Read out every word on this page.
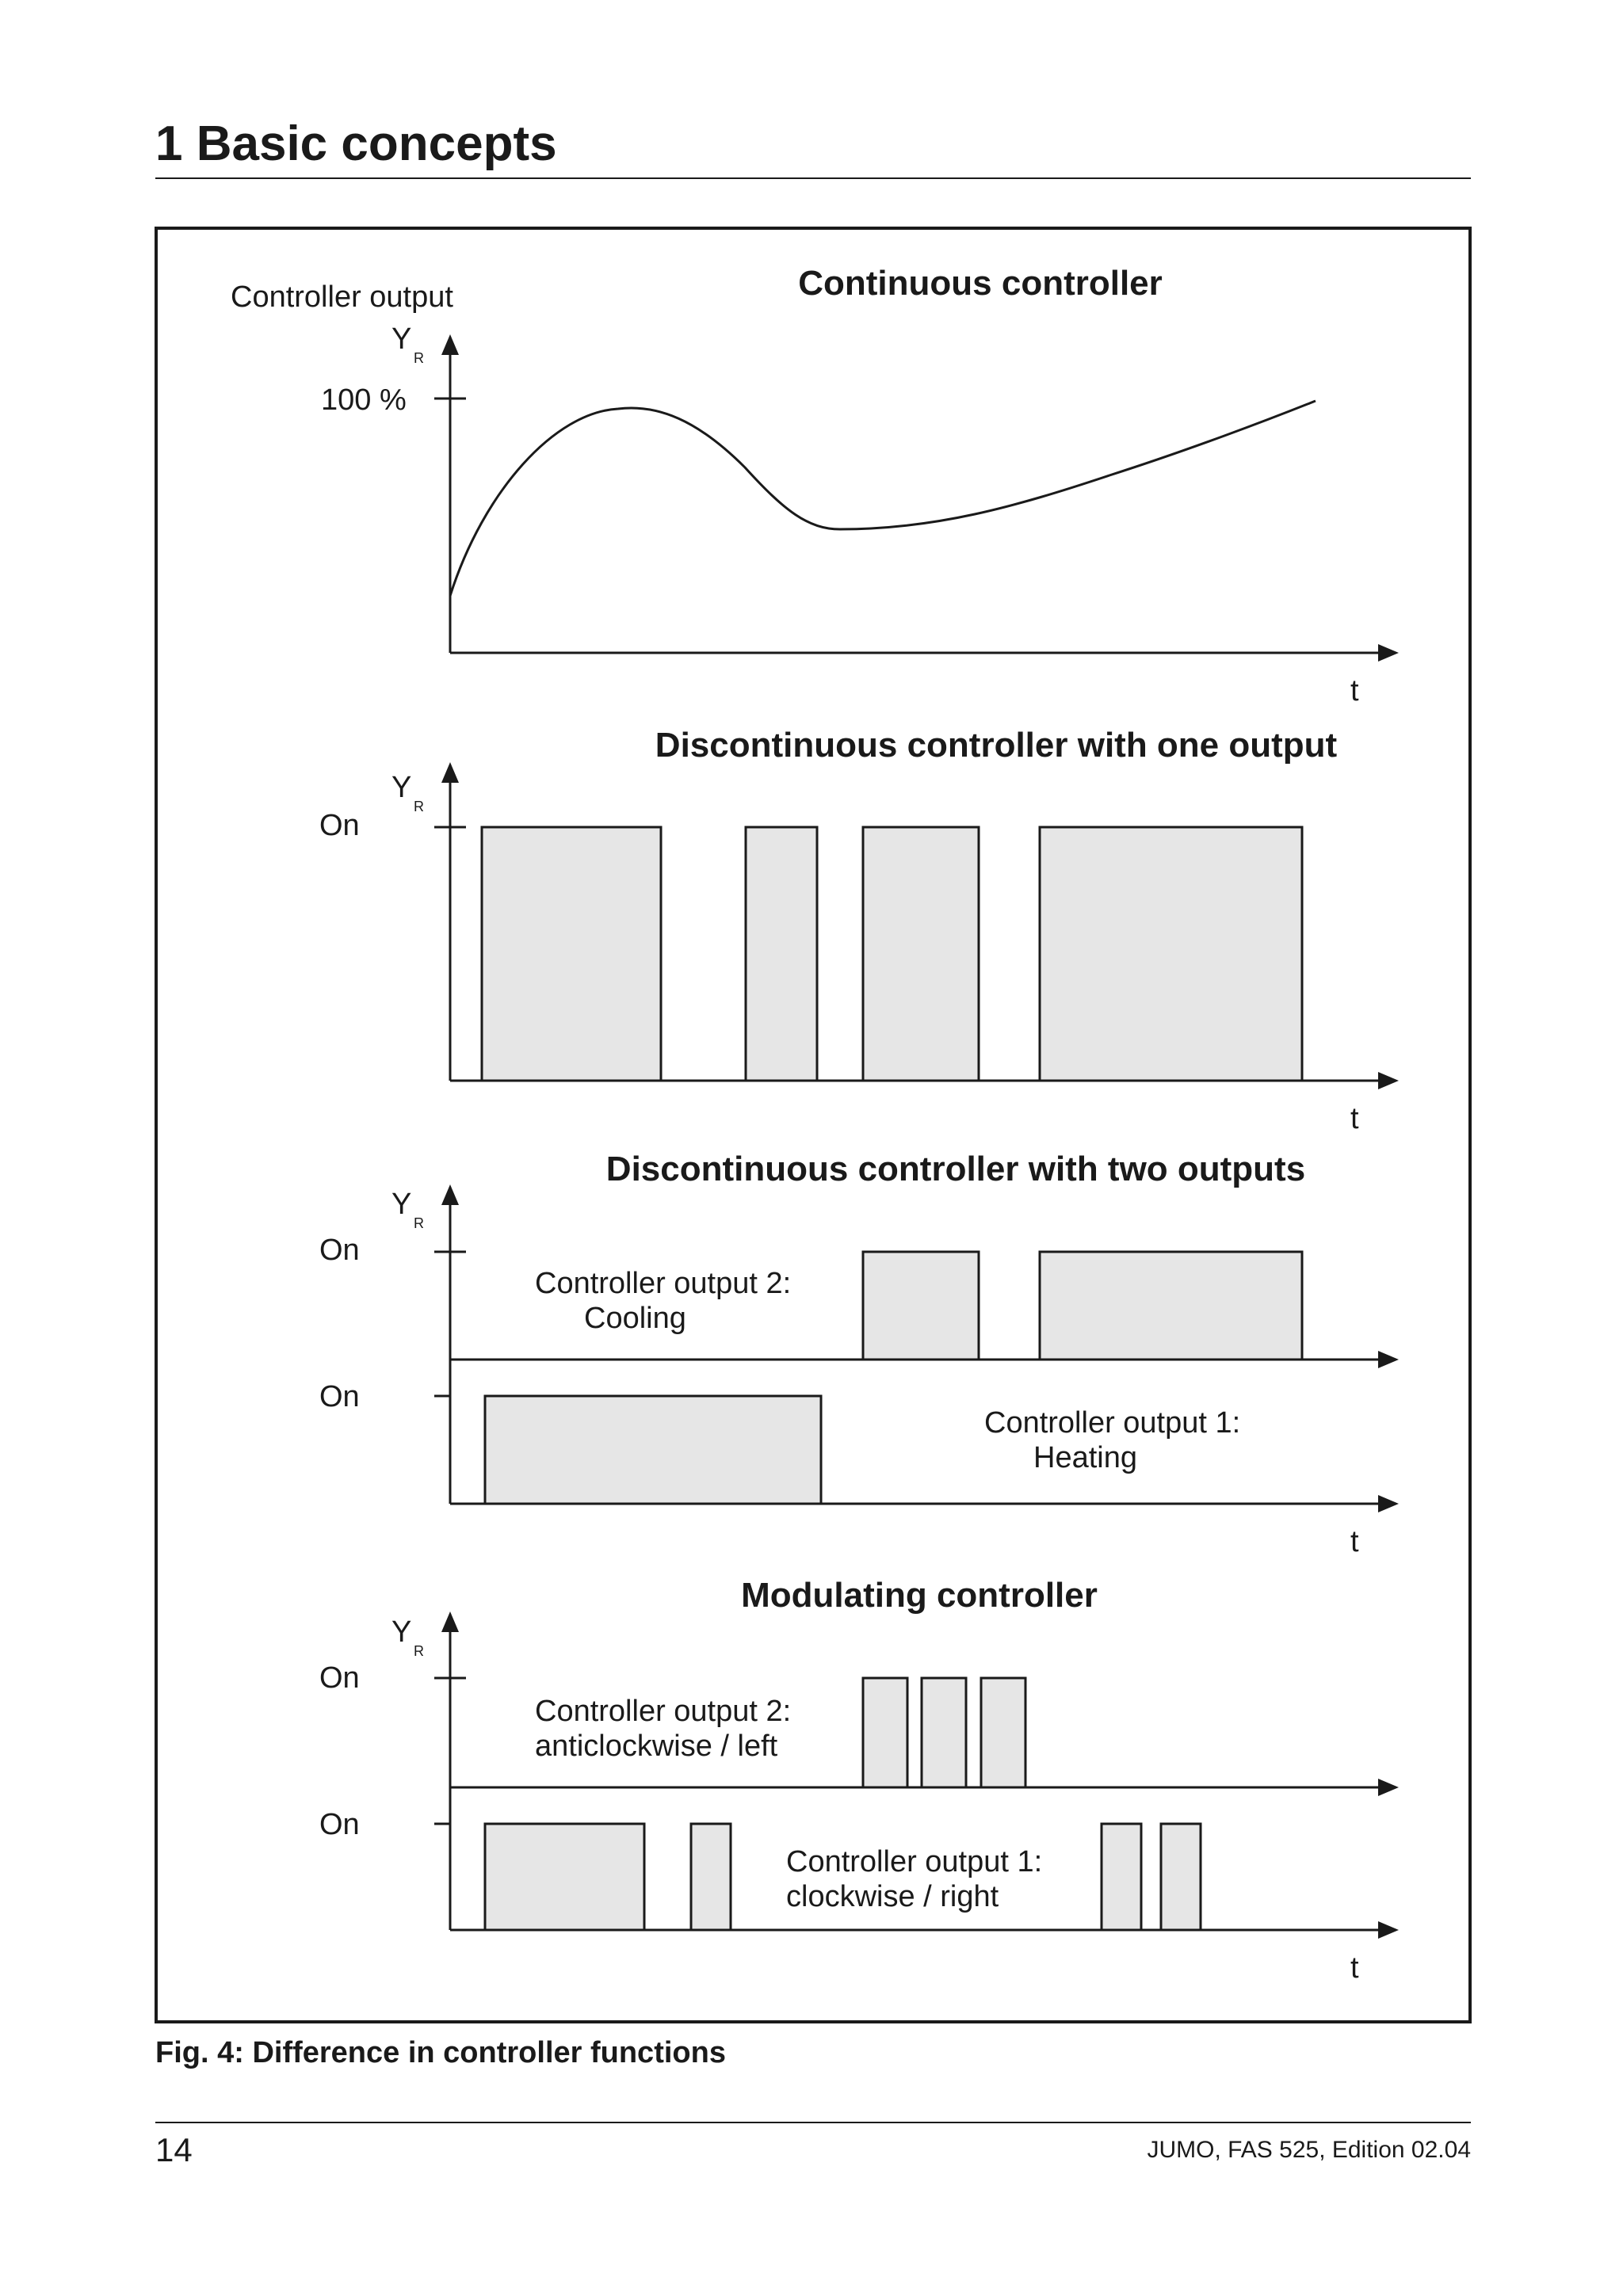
1 Basic concepts
Continuous controller
Controller output
Y
R
100 %
t
Discontinuous controller with one output
Y
R
On
t
Discontinuous controller with two outputs
Y
R
On
On
t
Controller output 2:
Cooling
Controller output 1:
Heating
Modulating controller
Y
R
On
On
t
Controller output 2:
anticlockwise / left
Controller output 1:
clockwise / right
Fig. 4: Difference in controller functions
14	JUMO, FAS 525, Edition 02.04
